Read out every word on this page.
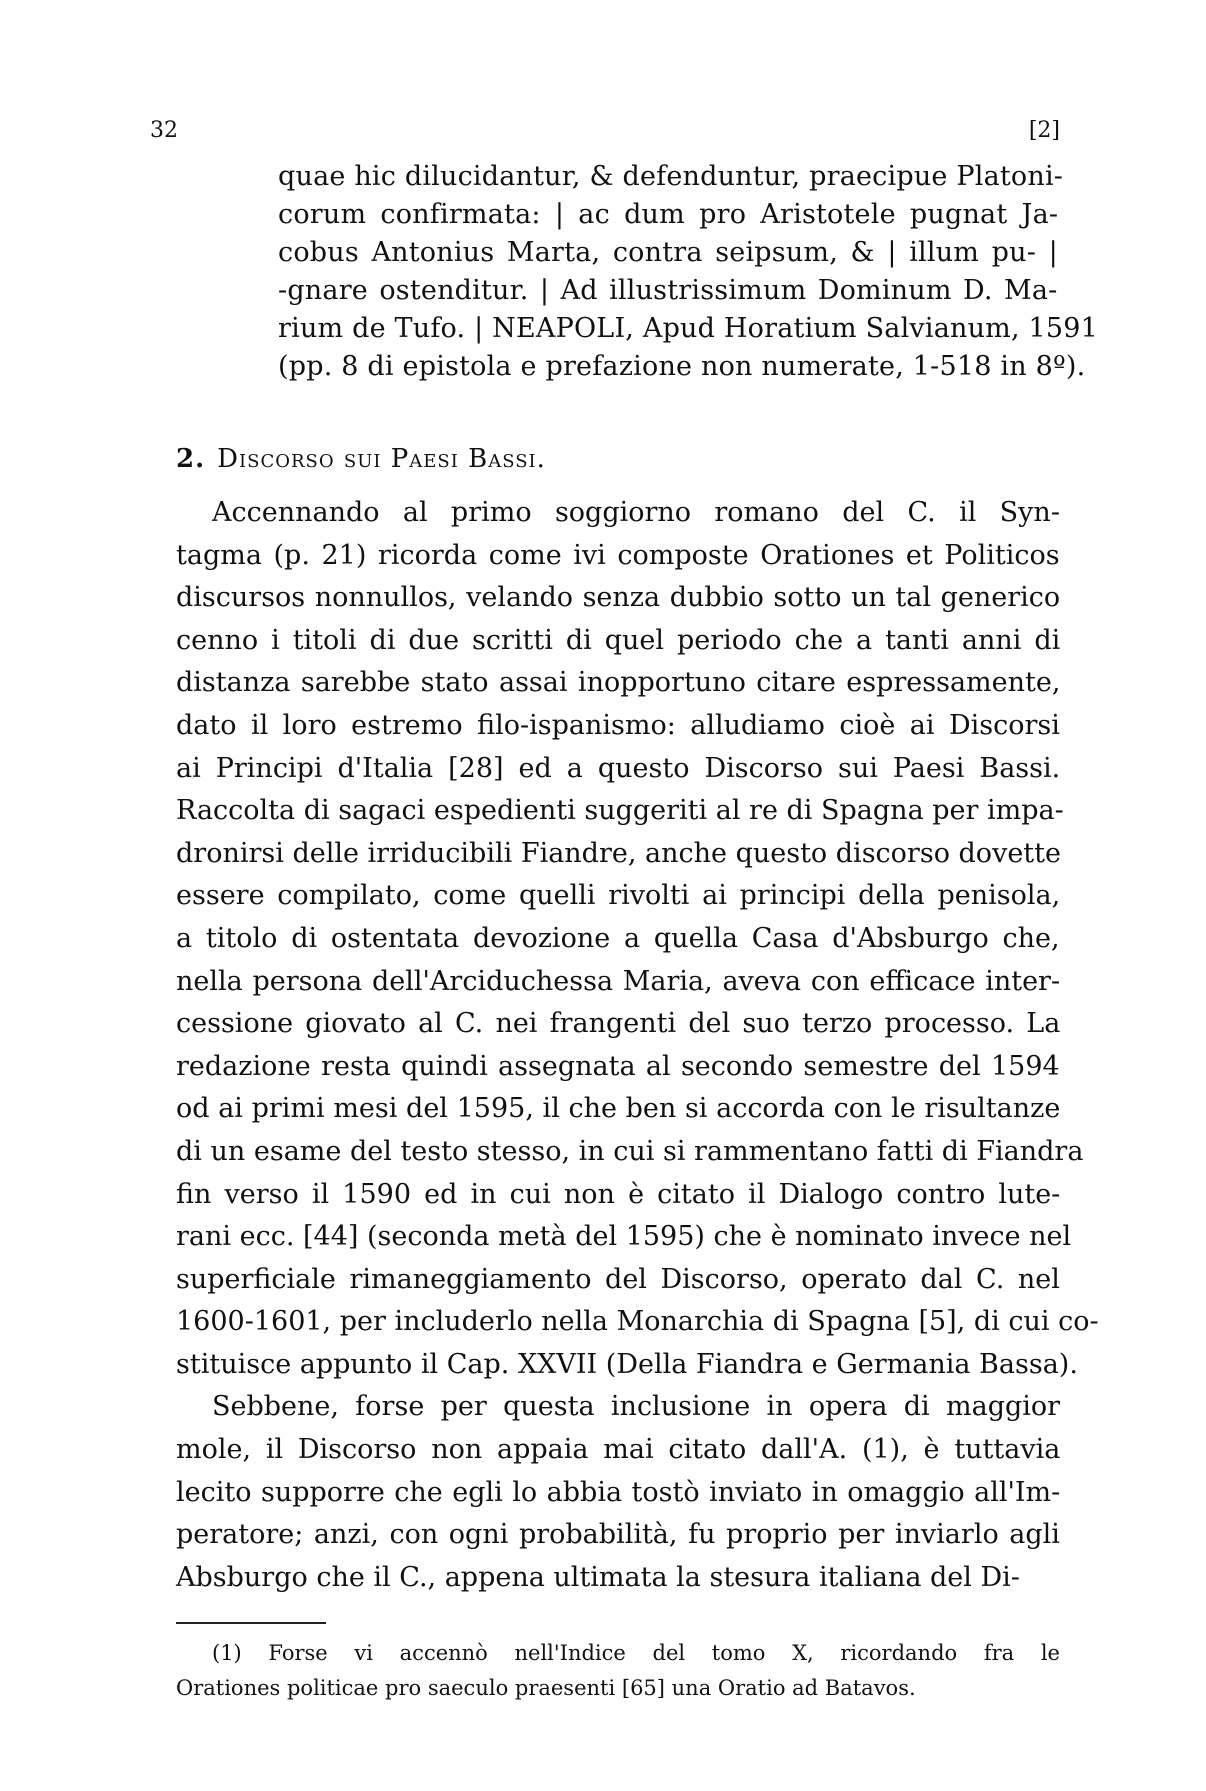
32	[2]
quae hic dilucidantur, & defenduntur, praecipue Platoni-
corum confirmata: | ac dum pro Aristotele pugnat Ja-
cobus Antonius Marta, contra seipsum, & | illum pu- |
-gnare ostenditur. | Ad illustrissimum Dominum D. Ma-
rium de Tufo. | NEAPOLI, Apud Horatium Salvianum, 1591
(pp. 8 di epistola e prefazione non numerate, 1-518 in 8º).
2. Discorso sui Paesi Bassi.
Accennando al primo soggiorno romano del C. il Syn-
tagma (p. 21) ricorda come ivi composte Orationes et Politicos
discursos nonnullos, velando senza dubbio sotto un tal generico
cenno i titoli di due scritti di quel periodo che a tanti anni di
distanza sarebbe stato assai inopportuno citare espressamente,
dato il loro estremo filo-ispanismo: alludiamo cioè ai Discorsi
ai Principi d'Italia [28] ed a questo Discorso sui Paesi Bassi.
Raccolta di sagaci espedienti suggeriti al re di Spagna per impa-
dronirsi delle irriducibili Fiandre, anche questo discorso dovette
essere compilato, come quelli rivolti ai principi della penisola,
a titolo di ostentata devozione a quella Casa d'Absburgo che,
nella persona dell'Arciduchessa Maria, aveva con efficace inter-
cessione giovato al C. nei frangenti del suo terzo processo. La
redazione resta quindi assegnata al secondo semestre del 1594
od ai primi mesi del 1595, il che ben si accorda con le risultanze
di un esame del testo stesso, in cui si rammentano fatti di Fiandra
fin verso il 1590 ed in cui non è citato il Dialogo contro lute-
rani ecc. [44] (seconda metà del 1595) che è nominato invece nel
superficiale rimaneggiamento del Discorso, operato dal C. nel
1600-1601, per includerlo nella Monarchia di Spagna [5], di cui co-
stituisce appunto il Cap. XXVII (Della Fiandra e Germania Bassa).
Sebbene, forse per questa inclusione in opera di maggior
mole, il Discorso non appaia mai citato dall'A. (1), è tuttavia
lecito supporre che egli lo abbia tostò inviato in omaggio all'Im-
peratore; anzi, con ogni probabilità, fu proprio per inviarlo agli
Absburgo che il C., appena ultimata la stesura italiana del Di-
(1) Forse vi accennò nell'Indice del tomo X, ricordando fra le
Orationes politicae pro saeculo praesenti [65] una Oratio ad Batavos.
